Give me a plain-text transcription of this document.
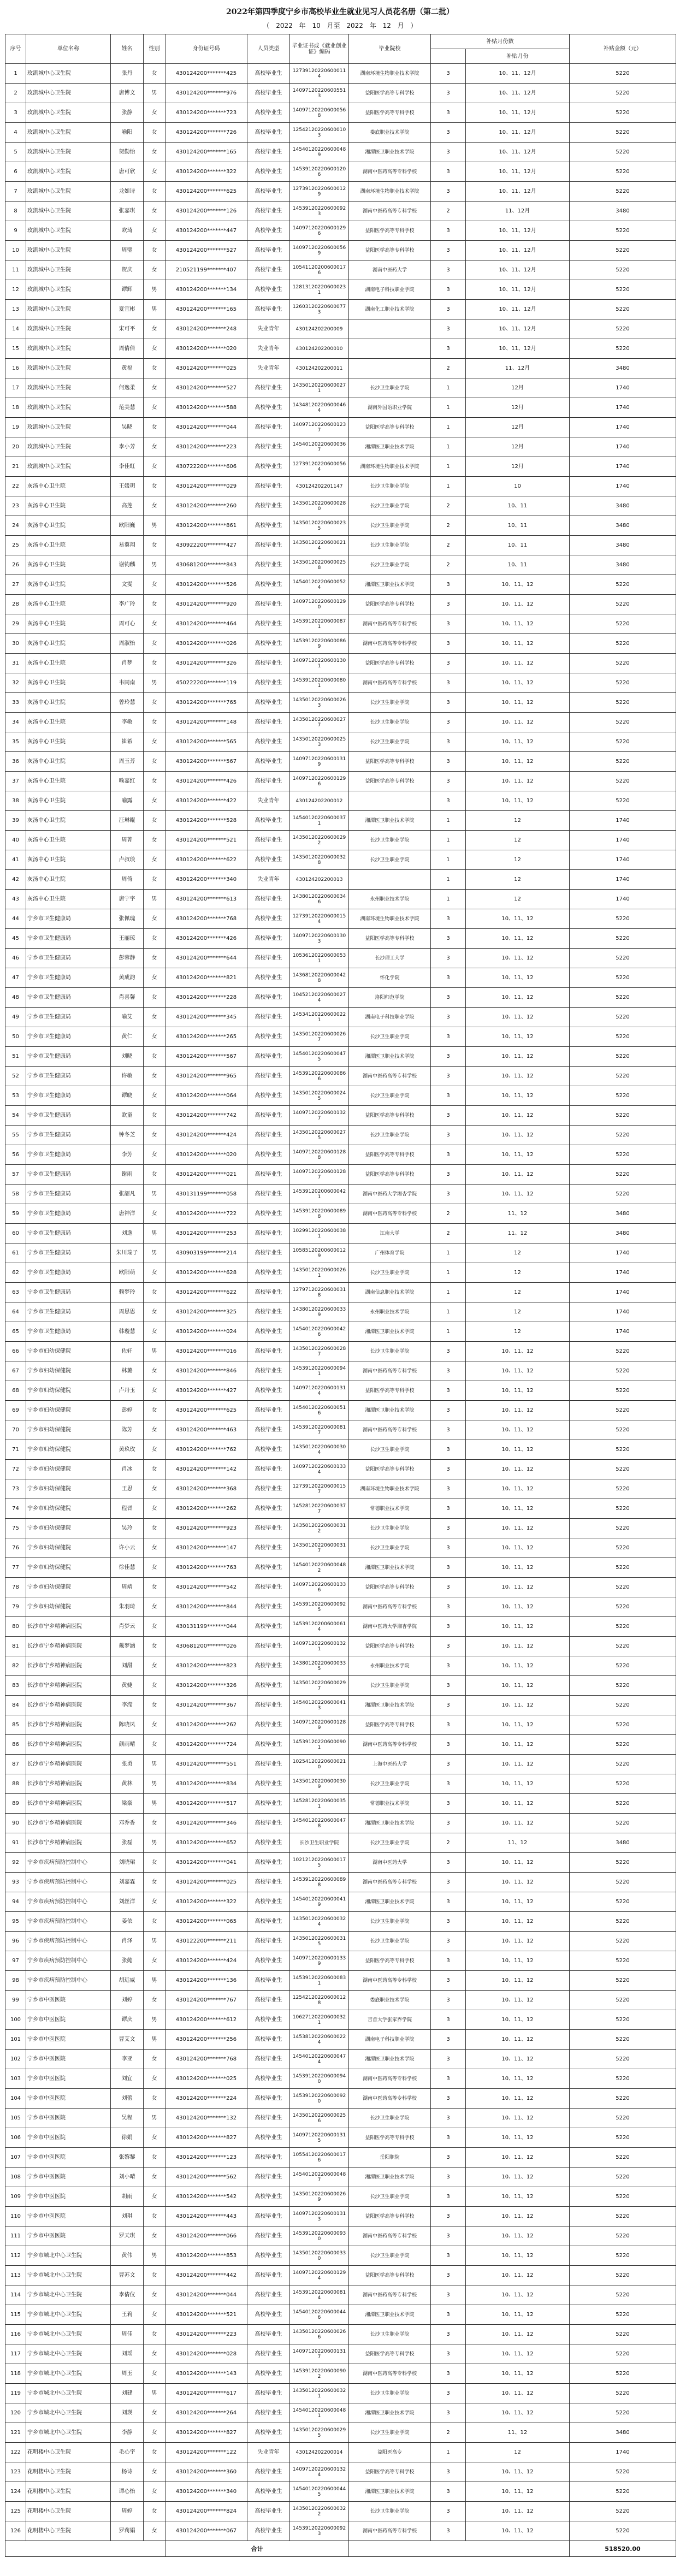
2022年第四季度宁乡市高校毕业生就业见习人员花名册（第二批）
（ 2022 年 10 月至 2022 年 12 月 ）
序号	单位名称	姓名	性别	身份证号码	人员类型	毕业证书或《就业创业证》编码	毕业院校	补贴月份数		补贴金额（元）
									补贴月份	
1	玫凯城中心卫生院	张丹	女	430124200*******425	高校毕业生	127391202206000114	湖南环境生物职业技术学院	3	10、11、12月	5220
2	玫凯城中心卫生院	唐博文	男	430124200*******976	高校毕业生	140971202206005513	益阳医学高等专科学校	3	10、11、12月	5220
3	玫凯城中心卫生院	张静	女	430124200*******723	高校毕业生	140971202206000568	益阳医学高等专科学校	3	10、11、12月	5220
4	玫凯城中心卫生院	喻阳	女	430124200*******726	高校毕业生	125421202206000103	娄底职业技术学院	3	10、11、12月	5220
5	玫凯城中心卫生院	贺勤怡	女	430124200*******165	高校毕业生	145401202206000489	湘潭医卫职业技术学院	3	10、11、12月	5220
6	玫凯城中心卫生院	唐可欣	女	430124200*******322	高校毕业生	145391202206001206	湖南中医药高等专科学校	3	10、11、12月	5220
7	玫凯城中心卫生院	龙如诗	女	430124200*******625	高校毕业生	127391202206000129	湖南环境生物职业技术学院	3	10、11、12月	5220
8	玫凯城中心卫生院	张嘉琪	女	430124200*******126	高校毕业生	145391202206000923	湖南中医药高等专科学校	2	11、12月	3480
9	玫凯城中心卫生院	欧琦	女	430124200*******447	高校毕业生	140971202206001296	益阳医学高等专科学校	3	10、11、12月	5220
10	玫凯城中心卫生院	周璧	女	430124200*******527	高校毕业生	140971202206000569	益阳医学高等专科学校	3	10、11、12月	5220
11	玫凯城中心卫生院	贺庆	女	210521199*******407	高校毕业生	105411202006000176	湖南中医药大学	3	10、11、12月	5220
12	玫凯城中心卫生院	谭辉	男	430124200*******134	高校毕业生	128131202206000231	湖南电子科技职业学院	3	10、11、12月	5220
13	玫凯城中心卫生院	夏宜彬	男	430124200*******165	高校毕业生	126031202206000773	湖南化工职业技术学院	3	10、11、12月	5220
14	玫凯城中心卫生院	宋可平	女	430124200*******248	失业青年	430124202200009		3	10、11、12月	5220
15	玫凯城中心卫生院	周倩倩	女	430124200*******020	失业青年	430124202200010		3	10、11、12月	5220
16	玫凯城中心卫生院	黄福	女	430124200*******025	失业青年	430124202200011		2	11、12月	3480
17	玫凯城中心卫生院	何逸柔	女	430124200*******527	高校毕业生	143501202206000271	长沙卫生职业学院	1	12月	1740
18	玫凯城中心卫生院	范美慧	女	430124200*******588	高校毕业生	143481202206000464	湖南外国语职业学院	1	12月	1740
19	玫凯城中心卫生院	吴晓	女	430124200*******044	高校毕业生	140971202206001237	益阳医学高等专科学校	1	12月	1740
20	玫凯城中心卫生院	李小芳	女	430124200*******223	高校毕业生	145401202206000367	湘潭医卫职业技术学院	1	12月	1740
21	玫凯城中心卫生院	李佳虹	女	430722200*******606	高校毕业生	127391202206000564	湖南环境生物职业技术学院	1	12月	1740
22	灰汤中心卫生院	王媛玥	女	430124200*******029	高校毕业生	430124202201147	长沙卫生职业学院	1	10	1740
23	灰汤中心卫生院	高莲	女	430124200*******260	高校毕业生	143501202206000280	长沙卫生职业学院	2	10、11	3480
24	灰汤中心卫生院	欧阳巍	男	430124200*******861	高校毕业生	143501202206000235	长沙卫生职业学院	2	10、11	3480
25	灰汤中心卫生院	易翼翔	女	430922200*******427	高校毕业生	143501202206000214	长沙卫生职业学院	2	10、11	3480
26	灰汤中心卫生院	谢钧麟	男	430681200*******843	高校毕业生	143501202206000258	长沙卫生职业学院	2	10、11	3480
27	灰汤中心卫生院	文雯	女	430124200*******526	高校毕业生	145401202206000524	湘潭医卫职业技术学院	3	10、11、12	5220
28	灰汤中心卫生院	李广玲	女	430124200*******920	高校毕业生	140971202206001290	益阳医学高等专科学校	3	10、11、12	5220
29	灰汤中心卫生院	周可心	女	430124200*******464	高校毕业生	145391202206000871	湖南中医药高等专科学校	3	10、11、12	5220
30	灰汤中心卫生院	周淑怡	女	430124200*******026	高校毕业生	145391202206000869	湖南中医药高等专科学校	3	10、11、12	5220
31	灰汤中心卫生院	肖梦	女	430124200*******326	高校毕业生	140971202206001301	益阳医学高等专科学校	3	10、11、12	5220
32	灰汤中心卫生院	韦同南	男	450222200*******119	高校毕业生	145391202206000801	湖南中医药高等专科学校	3	10、11、12	5220
33	灰汤中心卫生院	曾玲慧	女	430124200*******765	高校毕业生	143501202206000263	长沙卫生职业学院	3	10、11、12	5220
34	灰汤中心卫生院	李敏	女	430124200*******148	高校毕业生	143501202206000277	长沙卫生职业学院	3	10、11、12	5220
35	灰汤中心卫生院	崔希	女	430124200*******565	高校毕业生	143501202206000253	长沙卫生职业学院	3	10、11、12	5220
36	灰汤中心卫生院	周玉芳	女	430124200*******567	高校毕业生	140971202206001319	益阳医学高等专科学校	3	10、11、12	5220
37	灰汤中心卫生院	喻嘉红	女	430124200*******426	高校毕业生	140971202206001296	益阳医学高等专科学校	3	10、11、12	5220
38	灰汤中心卫生院	喻露	女	430124200*******422	失业青年	430124202200012		3	10、11、12	5220
39	灰汤中心卫生院	汪琳鲲	女	430124200*******528	高校毕业生	145401202206000371	湘潭医卫职业技术学院	1	12	1740
40	灰汤中心卫生院	周菁	女	430124200*******521	高校毕业生	143501202206000292	长沙卫生职业学院	1	12	1740
41	灰汤中心卫生院	卢叔琰	女	430124200*******622	高校毕业生	143501202206000328	长沙卫生职业学院	1	12	1740
42	灰汤中心卫生院	周倚	女	430124200*******340	失业青年	430124202200013		1	12	1740
43	灰汤中心卫生院	唐宁宇	男	430124200*******613	高校毕业生	143801202206000346	永州职业技术学院	1	12	1740
44	宁乡市卫生健康局	张佩瑰	女	430124200*******768	高校毕业生	127391202206000154	湖南环境生物职业技术学院	3	10、11、12	5220
45	宁乡市卫生健康局	王丽琼	女	430124200*******426	高校毕业生	140971202206001303	益阳医学高等专科学校	3	10、11、12	5220
46	宁乡市卫生健康局	彭蓉静	女	430124200*******644	高校毕业生	105361202206000531	长沙理工大学	3	10、11、12	5220
47	宁乡市卫生健康局	黄成韵	女	430124200*******821	高校毕业生	143681202206000428	怀化学院	3	10、11、12	5220
48	宁乡市卫生健康局	肖喜馨	女	430124200*******228	高校毕业生	104521202206000274	洛阳师范学院	3	10、11、12	5220
49	宁乡市卫生健康局	喻艾	女	430124200*******345	高校毕业生	145341202206000221	湖南电子科技职业学院	3	10、11、12	5220
50	宁乡市卫生健康局	黄仁	女	430124200*******265	高校毕业生	143501202206000267	长沙卫生职业学院	3	10、11、12	5220
51	宁乡市卫生健康局	刘晓	女	430124200*******567	高校毕业生	145401202206000475	湘潭医卫职业技术学院	3	10、11、12	5220
52	宁乡市卫生健康局	许敏	女	430124200*******965	高校毕业生	145391202206000866	湖南中医药高等专科学校	3	10、11、12	5220
53	宁乡市卫生健康局	谭晓	女	430124200*******064	高校毕业生	143501202206000245	长沙卫生职业学院	3	10、11、12	5220
54	宁乡市卫生健康局	欧童	女	430124200*******742	高校毕业生	140971202206001327	益阳医学高等专科学校	3	10、11、12	5220
55	宁乡市卫生健康局	钟冬芝	女	430124200*******424	高校毕业生	143501202206000275	长沙卫生职业学院	3	10、11、12	5220
56	宁乡市卫生健康局	李芳	女	430124200*******020	高校毕业生	140971202206001288	益阳医学高等专科学校	3	10、11、12	5220
57	宁乡市卫生健康局	谢雨	女	430124200*******021	高校毕业生	140971202206001287	益阳医学高等专科学校	3	10、11、12	5220
58	宁乡市卫生健康局	张韶凡	男	430131199*******058	高校毕业生	145391202006000421	湖南中医药大学湘杏学院	3	10、11、12	5220
59	宁乡市卫生健康局	唐神洋	女	430124200*******722	高校毕业生	145391202206000898	湖南中医药高等专科学校	2	11、12	3480
60	宁乡市卫生健康局	刘逸	男	430124200*******253	高校毕业生	102991202206000381	江南大学	2	11、12	3480
61	宁乡市卫生健康局	朱川瑞子	男	430903199*******214	高校毕业生	105851202006000129	广州体育学院	1	12	1740
62	宁乡市卫生健康局	欧阳萌	女	430124200*******628	高校毕业生	143501202206000261	长沙卫生职业学院	1	12	1740
63	宁乡市卫生健康局	赖梦玲	女	430124200*******622	高校毕业生	127971202206000318	湖南信息职业技术学院	1	12	1740
64	宁乡市卫生健康局	周思思	女	430124200*******325	高校毕业生	143801202206000339	永州职业技术学院	1	12	1740
65	宁乡市卫生健康局	韩璇慧	女	430124200*******024	高校毕业生	145401202206000426	湘潭医卫职业技术学院	1	12	1740
66	宁乡市妇幼保健院	佐轩	男	430124200*******016	高校毕业生	143501202206000287	长沙卫生职业学院	3	10、11、12	5220
67	宁乡市妇幼保健院	林璐	女	430124200*******846	高校毕业生	145391202206000941	湖南中医药高等专科学校	3	10、11、12	5220
68	宁乡市妇幼保健院	卢丹玉	女	430124200*******427	高校毕业生	140971202206001314	益阳医学高等专科学校	3	10、11、12	5220
69	宁乡市妇幼保健院	彭婷	女	430124200*******625	高校毕业生	145401202206000516	湘潭医卫职业技术学院	3	10、11、12	5220
70	宁乡市妇幼保健院	陈芳	女	430124200*******463	高校毕业生	145391202206000817	湖南中医药高等专科学校	3	10、11、12	5220
71	宁乡市妇幼保健院	黄玖玫	女	430124200*******762	高校毕业生	143501202206000304	长沙卫生职业学院	3	10、11、12	5220
72	宁乡市妇幼保健院	肖冰	女	430124200*******142	高校毕业生	140971202206001334	益阳医学高等专科学校	3	10、11、12	5220
73	宁乡市妇幼保健院	王思	女	430124200*******368	高校毕业生	127391202206000157	湖南环境生物职业技术学院	3	10、11、12	5220
74	宁乡市妇幼保健院	程晋	女	430124200*******262	高校毕业生	145281202206000377	常德职业技术学院	3	10、11、12	5220
75	宁乡市妇幼保健院	吴玲	女	430124200*******923	高校毕业生	143501202206000312	长沙卫生职业学院	3	10、11、12	5220
76	宁乡市妇幼保健院	许小云	女	430124200*******147	高校毕业生	143501202206000317	长沙卫生职业学院	3	10、11、12	5220
77	宁乡市妇幼保健院	徐佳慧	女	430124200*******763	高校毕业生	145401202206000482	湘潭医卫职业技术学院	3	10、11、12	5220
78	宁乡市妇幼保健院	周靖	女	430124200*******542	高校毕业生	140971202206001336	益阳医学高等专科学校	3	10、11、12	5220
79	宁乡市妇幼保健院	朱羽琦	女	430124200*******844	高校毕业生	145391202206000925	湖南中医药高等专科学校	3	10、11、12	5220
80	长沙市宁乡精神病医院	肖梦云	女	430131199*******044	高校毕业生	145391202006000614	湖南中医药大学湘杏学院	3	10、11、12	5220
81	长沙市宁乡精神病医院	戴梦涵	女	430681200*******026	高校毕业生	140971202206001321	益阳医学高等专科学校	3	10、11、12	5220
82	长沙市宁乡精神病医院	刘甜	女	430124200*******823	高校毕业生	143801202206000335	永州职业技术学院	3	10、11、12	5220
83	长沙市宁乡精神病医院	黄婕	女	430124200*******326	高校毕业生	143501202206000297	长沙卫生职业学院	3	10、11、12	5220
84	长沙市宁乡精神病医院	李滢	女	430124200*******367	高校毕业生	145401202206000413	湘潭医卫职业技术学院	3	10、11、12	5220
85	长沙市宁乡精神病医院	陈晓凤	女	430124200*******262	高校毕业生	140971202206001289	益阳医学高等专科学校	3	10、11、12	5220
86	长沙市宁乡精神病医院	颜雨晴	女	430124200*******724	高校毕业生	145391202206000901	湖南中医药高等专科学校	3	10、11、12	5220
87	长沙市宁乡精神病医院	张勇	男	430124200*******551	高校毕业生	102541202206000210	上海中医药大学	3	10、11、12	5220
88	长沙市宁乡精神病医院	黄林	男	430124200*******834	高校毕业生	143501202206000309	长沙卫生职业学院	3	10、11、12	5220
89	长沙市宁乡精神病医院	梁豪	男	430124200*******517	高校毕业生	145281202206000351	常德职业技术学院	3	10、11、12	5220
90	长沙市宁乡精神病医院	邓乔香	女	430124200*******346	高校毕业生	145401202206000478	湘潭医卫职业技术学院	3	10、11、12	5220
91	长沙市宁乡精神病医院	张磊	男	430124200*******652	高校毕业生	长沙卫生职业学院	长沙卫生职业学院	2	11、12	3480
92	宁乡市疾病预防控制中心	刘晓珺	女	430124200*******041	高校毕业生	102121202206000175	湖南中医药大学	3	10、11、12	5220
93	宁乡市疾病预防控制中心	刘嘉霖	女	430124200*******025	高校毕业生	145391202206000898	湖南中医药高等专科学校	3	10、11、12	5220
94	宁乡市疾病预防控制中心	刘丝洋	女	430124200*******322	高校毕业生	145401202206000419	湘潭医卫职业技术学院	3	10、11、12	5220
95	宁乡市疾病预防控制中心	姜依	女	430124200*******065	高校毕业生	143501202206000324	长沙卫生职业学院	3	10、11、12	5220
96	宁乡市疾病预防控制中心	肖泽	男	430122200*******211	高校毕业生	143501202206000315	长沙卫生职业学院	3	10、11、12	5220
97	宁乡市疾病预防控制中心	张懿	女	430124200*******424	高校毕业生	140971202206001339	益阳医学高等专科学校	3	10、11、12	5220
98	宁乡市疾病预防控制中心	胡远威	男	430124200*******136	高校毕业生	145391202206000831	湖南中医药高等专科学校	3	10、11、12	5220
99	宁乡市中医医院	刘婷	女	430124200*******767	高校毕业生	125421202206000128	娄底职业技术学院	3	10、11、12	5220
100	宁乡市中医医院	谭庆	男	430124200*******612	高校毕业生	106271202206000321	吉首大学张家界学院	3	10、11、12	5220
101	宁乡市中医医院	曹艾文	男	430124200*******256	高校毕业生	145381202206000224	湖南电子科技职业学院	3	10、11、12	5220
102	宁乡市中医医院	李亚	女	430124200*******768	高校毕业生	145401202206000474	湘潭医卫职业技术学院	3	10、11、12	5220
103	宁乡市中医医院	刘宜	女	430124200*******025	高校毕业生	145391202206000940	湖南中医药高等专科学校	3	10、11、12	5220
104	宁乡市中医医院	刘蕾	女	430124200*******224	高校毕业生	145391202206000920	湖南中医药高等专科学校	3	10、11、12	5220
105	宁乡市中医医院	吴程	男	430124200*******132	高校毕业生	143501202206000256	长沙卫生职业学院	3	10、11、12	5220
106	宁乡市中医医院	徐娟	女	430124200*******827	高校毕业生	140971202206001315	益阳医学高等专科学校	3	10、11、12	5220
107	宁乡市中医医院	张黎黎	女	430124200*******123	高校毕业生	105541202206000176	岳阳职院	3	10、11、12	5220
108	宁乡市中医医院	刘小晴	女	430124200*******562	高校毕业生	145401202206000487	湘潭医卫职业技术学院	3	10、11、12	5220
109	宁乡市中医医院	胡雨	女	430124200*******542	高校毕业生	143501202206000269	长沙卫生职业学院	3	10、11、12	5220
110	宁乡市中医医院	刘琪	女	430124200*******443	高校毕业生	140971202206001313	益阳医学高等专科学校	3	10、11、12	5220
111	宁乡市中医医院	罗天琪	女	430124200*******066	高校毕业生	145391202206000930	湖南中医药高等专科学校	3	10、11、12	5220
112	宁乡市城北中心卫生院	黄伟	男	430124200*******853	高校毕业生	143501202206000330	长沙卫生职业学院	3	10、11、12	5220
113	宁乡市城北中心卫生院	曹苏文	女	430124200*******442	高校毕业生	140971202206001294	益阳医学高等专科学校	3	10、11、12	5220
114	宁乡市城北中心卫生院	李倩仪	女	430124200*******044	高校毕业生	145391202206000814	湖南中医药高等专科学校	3	10、11、12	5220
115	宁乡市城北中心卫生院	王莉	女	430124200*******521	高校毕业生	145401202206000446	湘潭医卫职业技术学院	3	10、11、12	5220
116	宁乡市城北中心卫生院	周佳	女	430124200*******223	高校毕业生	143501202206000266	长沙卫生职业学院	3	10、11、12	5220
117	宁乡市城北中心卫生院	刘瑶	女	430124200*******028	高校毕业生	140971202206001317	益阳医学高等专科学校	3	10、11、12	5220
118	宁乡市城北中心卫生院	周玉	女	430124200*******143	高校毕业生	145391202206000902	湖南中医药高等专科学校	3	10、11、12	5220
119	宁乡市城北中心卫生院	刘建	男	430124200*******617	高校毕业生	143501202206000321	长沙卫生职业学院	3	10、11、12	5220
120	宁乡市城北中心卫生院	刘瑛	女	430124200*******264	高校毕业生	145401202206000481	湘潭医卫职业技术学院	3	10、11、12	5220
121	宁乡市城北中心卫生院	李静	女	430124200*******827	高校毕业生	143501202206000295	长沙卫生职业学院	2	11、12	3480
122	花明楼中心卫生院	毛心宇	女	430124200*******122	失业青年	430124202200014	益阳医高专	1	12	1740
123	花明楼中心卫生院	杨诗	女	430124200*******360	高校毕业生	140971202206001324	益阳医学高等专科学校	3	10、11、12	5220
124	花明楼中心卫生院	谭心怡	女	430124200*******340	高校毕业生	145401202206000445	湘潭医卫职业技术学院	3	10、11、12	5220
125	花明楼中心卫生院	周婷	女	430124200*******824	高校毕业生	143501202206000322	长沙卫生职业学院	3	10、11、12	5220
126	花明楼中心卫生院	罗莉娟	女	430124200*******067	高校毕业生	145391202206000923	湖南中医药高等专科学校	3	10、11、12	5220
				合计						518520.00
